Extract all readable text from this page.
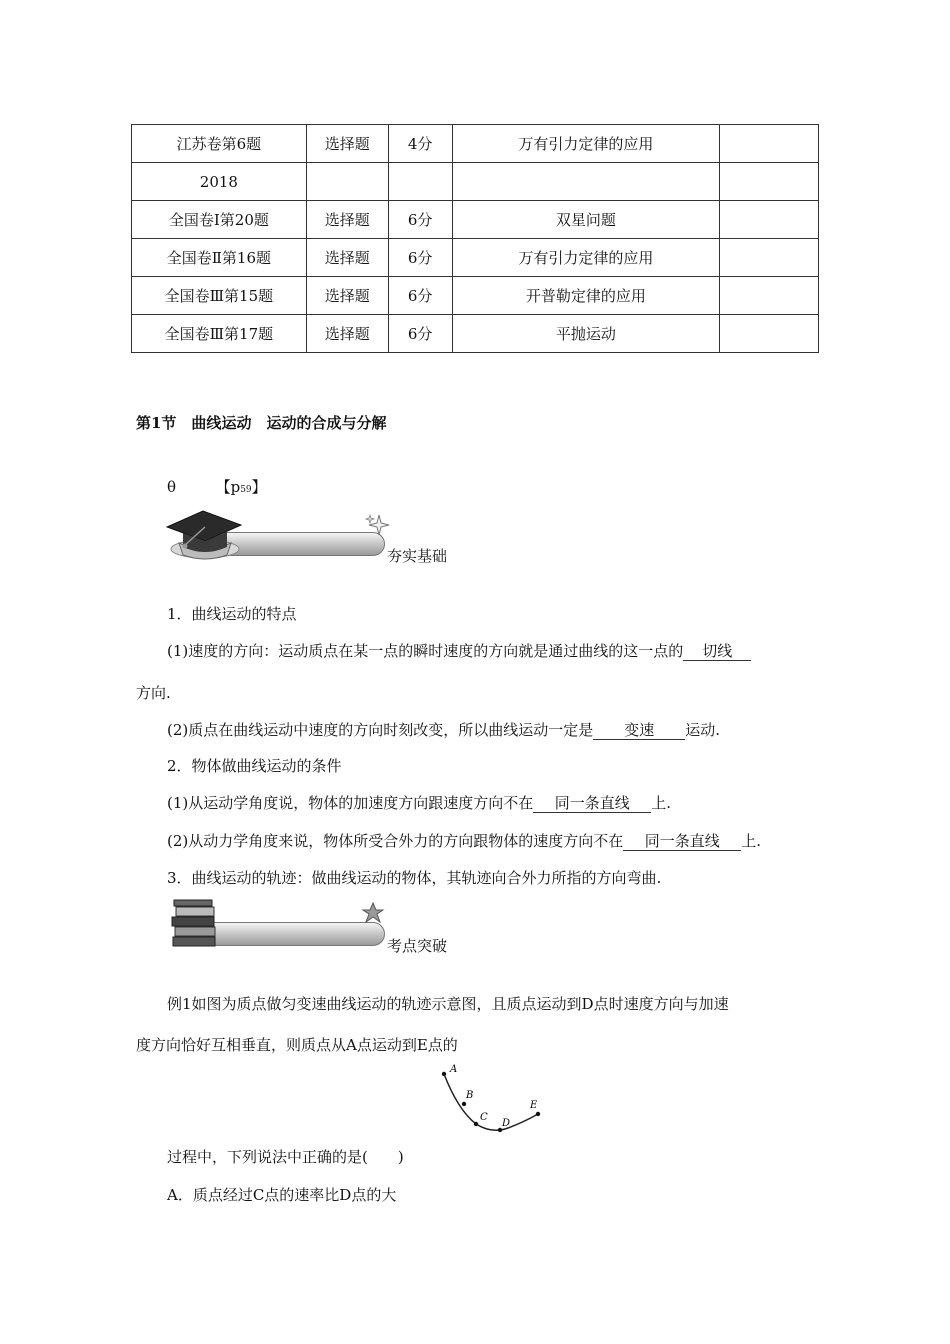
江苏卷第6题	选择题	4分	万有引力定律的应用	
2018				
全国卷Ⅰ第20题	选择题	6分	双星问题	
全国卷Ⅱ第16题	选择题	6分	万有引力定律的应用	
全国卷Ⅲ第15题	选择题	6分	开普勒定律的应用	
全国卷Ⅲ第17题	选择题	6分	平抛运动	
第1节　曲线运动　运动的合成与分解
θ	【p59】
夯实基础
1．曲线运动的特点
(1)速度的方向：运动质点在某一点的瞬时速度的方向就是通过曲线的这一点的 切线
方向.
(2)质点在曲线运动中速度的方向时刻改变，所以曲线运动一定是 变速 运动.
2．物体做曲线运动的条件
(1)从运动学角度说，物体的加速度方向跟速度方向不在 同一条直线 上.
(2)从动力学角度来说，物体所受合外力的方向跟物体的速度方向不在 同一条直线 上.
3．曲线运动的轨迹：做曲线运动的物体，其轨迹向合外力所指的方向弯曲.
考点突破
例1如图为质点做匀变速曲线运动的轨迹示意图，且质点运动到D点时速度方向与加速
度方向恰好互相垂直，则质点从A点运动到E点的
A
B
C
D
E
过程中，下列说法中正确的是(　　)
A．质点经过C点的速率比D点的大
